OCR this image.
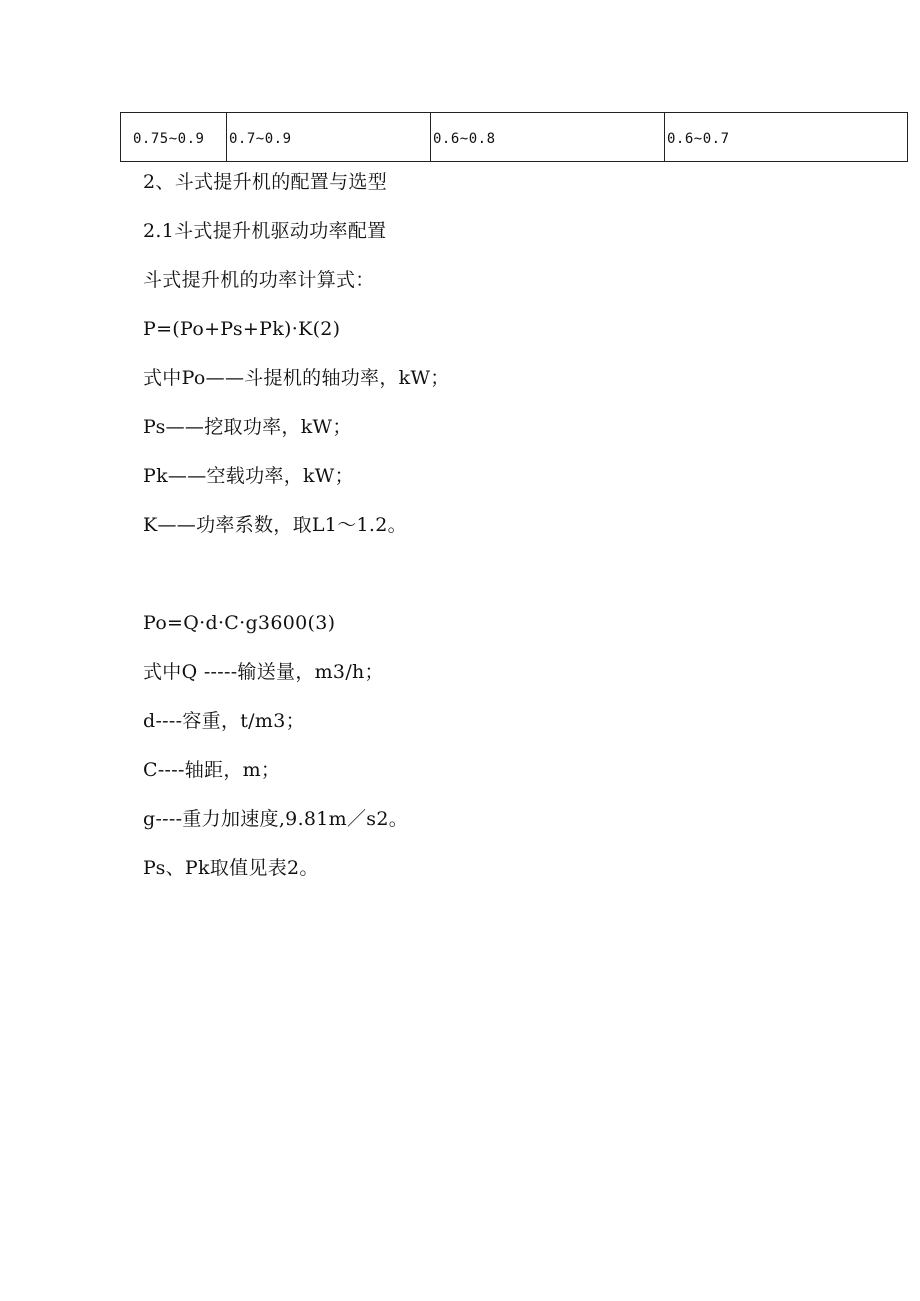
0.75~0.9	0.7~0.9	0.6~0.8	0.6~0.7
2、斗式提升机的配置与选型
2.1斗式提升机驱动功率配置
斗式提升机的功率计算式：
P=(Po+Ps+Pk)·K(2)
式中Po——斗提机的轴功率，kW；
Ps——挖取功率，kW；
Pk——空载功率，kW；
K——功率系数，取L1～1.2。
Po=Q·d·C·g3600(3)
式中Q -----输送量，m3/h；
d----容重，t/m3；
C----轴距，m；
g----重力加速度,9.81m／s2。
Ps、Pk取值见表2。
